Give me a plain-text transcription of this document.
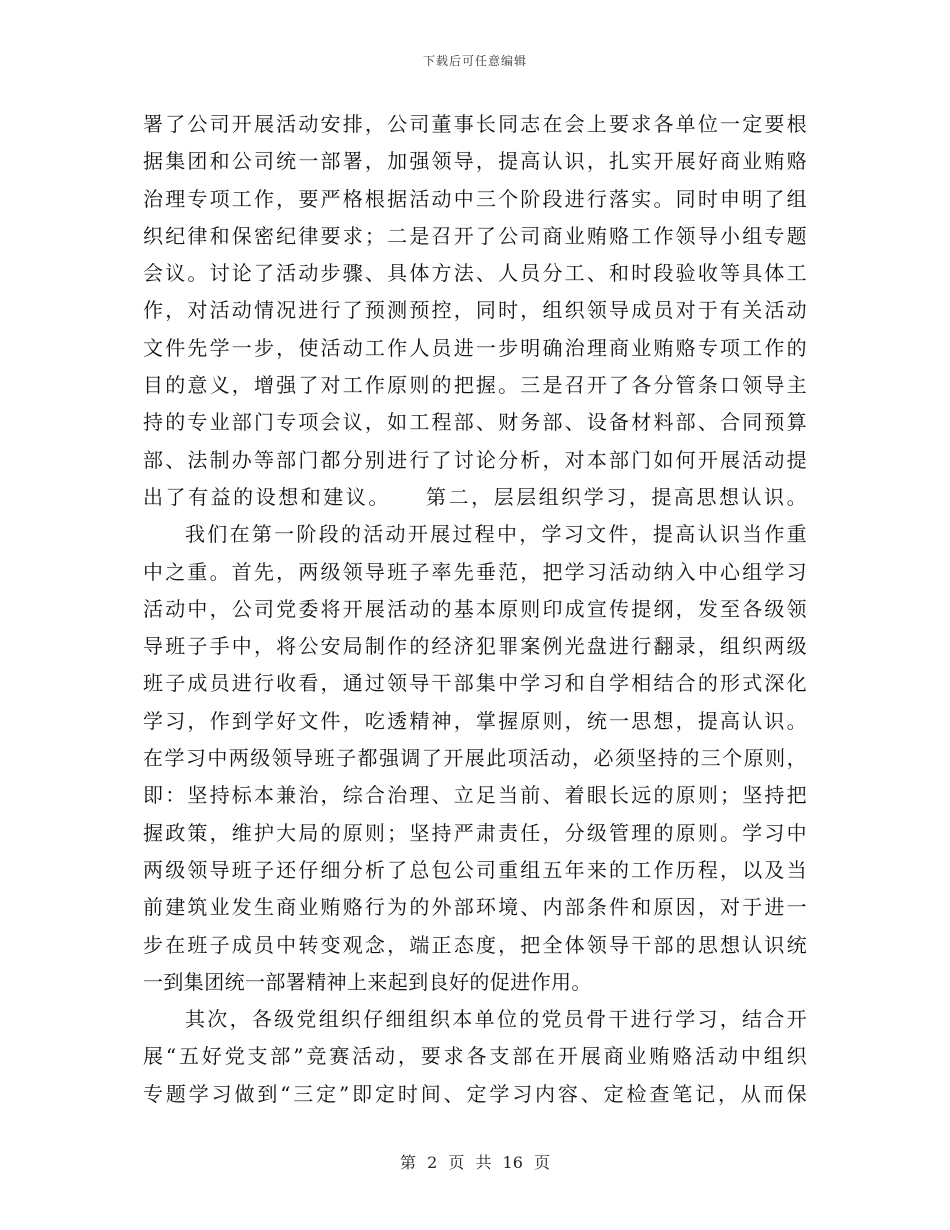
下载后可任意编辑
署了公司开展活动安排，公司董事长同志在会上要求各单位一定要根
据集团和公司统一部署，加强领导，提高认识，扎实开展好商业贿赂
治理专项工作，要严格根据活动中三个阶段进行落实。同时申明了组
织纪律和保密纪律要求；二是召开了公司商业贿赂工作领导小组专题
会议。讨论了活动步骤、具体方法、人员分工、和时段验收等具体工
作，对活动情况进行了预测预控，同时，组织领导成员对于有关活动
文件先学一步，使活动工作人员进一步明确治理商业贿赂专项工作的
目的意义，增强了对工作原则的把握。三是召开了各分管条口领导主
持的专业部门专项会议，如工程部、财务部、设备材料部、合同预算
部、法制办等部门都分别进行了讨论分析，对本部门如何开展活动提
出了有益的设想和建议。　　第二，层层组织学习，提高思想认识。
我们在第一阶段的活动开展过程中，学习文件，提高认识当作重
中之重。首先，两级领导班子率先垂范，把学习活动纳入中心组学习
活动中，公司党委将开展活动的基本原则印成宣传提纲，发至各级领
导班子手中，将公安局制作的经济犯罪案例光盘进行翻录，组织两级
班子成员进行收看，通过领导干部集中学习和自学相结合的形式深化
学习，作到学好文件，吃透精神，掌握原则，统一思想，提高认识。
在学习中两级领导班子都强调了开展此项活动，必须坚持的三个原则，
即：坚持标本兼治，综合治理、立足当前、着眼长远的原则；坚持把
握政策，维护大局的原则；坚持严肃责任，分级管理的原则。学习中
两级领导班子还仔细分析了总包公司重组五年来的工作历程，以及当
前建筑业发生商业贿赂行为的外部环境、内部条件和原因，对于进一
步在班子成员中转变观念，端正态度，把全体领导干部的思想认识统
一到集团统一部署精神上来起到良好的促进作用。
其次，各级党组织仔细组织本单位的党员骨干进行学习，结合开
展“五好党支部”竞赛活动，要求各支部在开展商业贿赂活动中组织
专题学习做到“三定”即定时间、定学习内容、定检查笔记，从而保
第 2 页 共 16 页
